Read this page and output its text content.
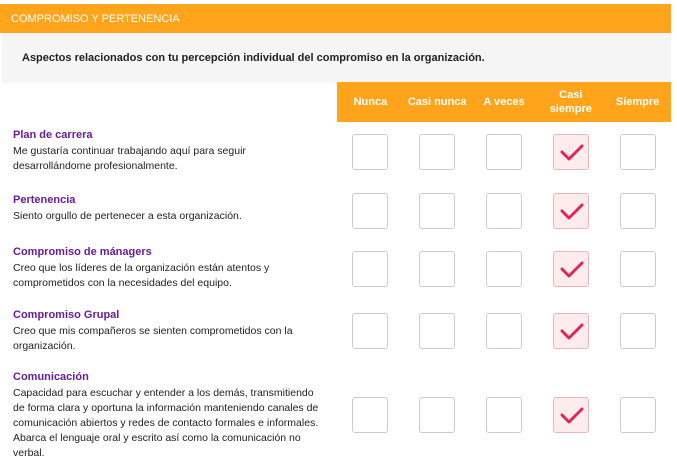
COMPROMISO Y PERTENENCIA
Aspectos relacionados con tu percepción individual del compromiso en la organización.
Nunca	Casi nunca	A veces
Casi
siempre
Siempre
Plan de carrera
Me gustaría continuar trabajando aquí para seguir
desarrollándome profesionalmente.
Pertenencia
Siento orgullo de pertenecer a esta organización.
Compromiso de mánagers
Creo que los líderes de la organización están atentos y
comprometidos con la necesidades del equipo.
Compromiso Grupal
Creo que mis compañeros se sienten comprometidos con la
organización.
Comunicación
Capacidad para escuchar y entender a los demás, transmitiendo
de forma clara y oportuna la información manteniendo canales de
comunicación abiertos y redes de contacto formales e informales.
Abarca el lenguaje oral y escrito así como la comunicación no
verbal.
